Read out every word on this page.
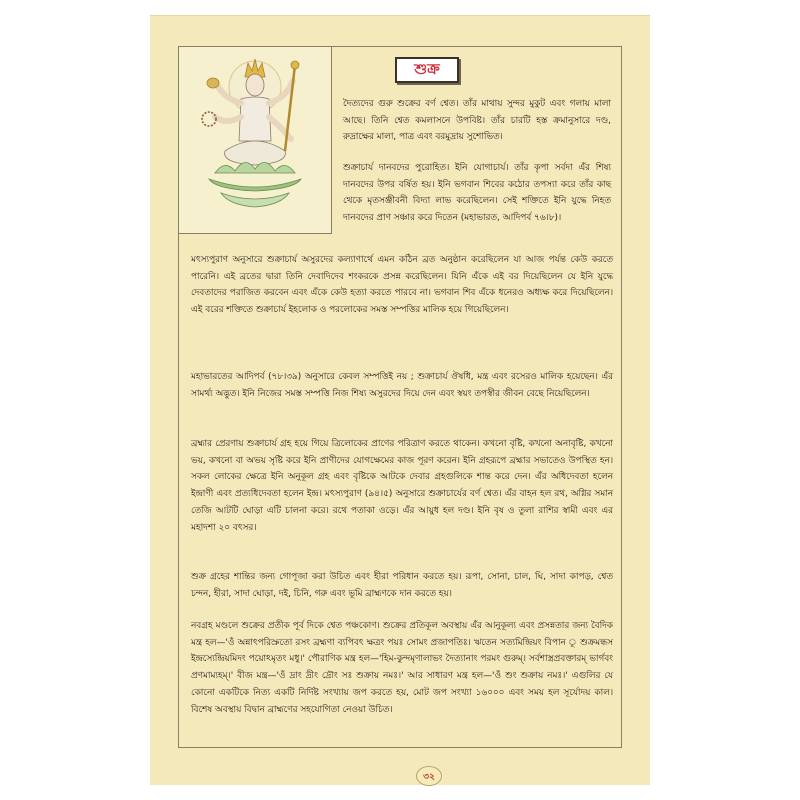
শুক্র

দৈত্যদের গুরু শুক্রের বর্ণ শ্বেত। তাঁর মাথায় সুন্দর মুকুট এবং গলায় মালা আছে। তিনি শ্বেত কমলাসনে উপবিষ্ট। তাঁর চারটি হস্ত ক্রমানুসারে দণ্ড, রুদ্রাক্ষের মালা, পাত্র এবং বরমুদ্রায় সুশোভিত।

শুক্রাচার্য দানবদের পুরোহিত। ইনি যোগাচার্য। তাঁর কৃপা সর্বদা এঁর শিষ্য দানবদের উপর বর্ষিত হয়। ইনি ভগবান শিবের কঠোর তপস্যা করে তাঁর কাছ থেকে মৃতসঞ্জীবনী বিদ্যা লাভ করেছিলেন। সেই শক্তিতে ইনি যুদ্ধে নিহত দানবদের প্রাণ সঞ্চার করে দিতেন (মহাভারত, আদিপর্ব ৭৬।৮)।

মৎস্যপুরাণ অনুসারে শুক্রাচার্য অসুরদের কল্যাণার্থে এমন কঠিন ব্রত অনুষ্ঠান করেছিলেন যা আজ পর্যন্ত কেউ করতে পারেনি। এই ব্রতের দ্বারা তিনি দেবাদিদেব শংকরকে প্রসন্ন করেছিলেন। যিনি এঁকে এই বর দিয়েছিলেন যে ইনি যুদ্ধে দেবতাদের পরাজিত করবেন এবং এঁকে কেউ হত্যা করতে পারবে না। ভগবান শিব এঁকে ধনেরও অধ্যক্ষ করে দিয়েছিলেন। এই বরের শক্তিতে শুক্রাচার্য ইহলোক ও পরলোকের সমস্ত সম্পত্তির মালিক হয়ে গিয়েছিলেন।

মহাভারতের আদিপর্ব (৭৮।৩৯) অনুসারে কেবল সম্পত্তিই নয় ; শুক্রাচার্য ঔষধি, মন্ত্র এবং রসেরও মালিক হয়েছেন। এঁর সামর্থ্য অদ্ভুত। ইনি নিজের সমস্ত সম্পত্তি নিজ শিষ্য অসুরদের দিয়ে দেন এবং স্বয়ং তপস্বীর জীবন বেছে নিয়েছিলেন।

ব্রহ্মার প্রেরণায় শুক্রাচার্য গ্রহ হয়ে গিয়ে ত্রিলোকের প্রাণের পরিত্রাণ করতে থাকেন। কখনো বৃষ্টি, কখনো অনাবৃষ্টি, কখনো ভয়, কখনো বা অভয় সৃষ্টি করে ইনি প্রাণীদের যোগক্ষেমের কাজ পূরণ করেন। ইনি গ্রহরূপে ব্রহ্মার সভাতেও উপস্থিত হন। সকল লোকের ক্ষেত্রে ইনি অনুকূল গ্রহ এবং বৃষ্টিকে আটকে দেবার গ্রহগুলিকে শান্ত করে দেন। এঁর অধিদেবতা হলেন ইন্দ্রাণী এবং প্রত্যধিদেবতা হলেন ইন্দ্র। মৎস্যপুরাণ (৯৪।৫) অনুসারে শুক্রাচার্যের বর্ণ শ্বেত। এঁর বাহন হল রথ, অগ্নির সমান তেজি আটটি ঘোড়া এটি চালনা করে। রথে পতাকা ওড়ে। এঁর আয়ুধ হল দণ্ড। ইনি বৃষ ও তুলা রাশির স্বামী এবং এর মহাদশা ২০ বৎসর।

শুক্র গ্রহের শান্তির জন্য গোপূজা করা উচিত এবং হীরা পরিধান করতে হয়। রূপা, সোনা, চাল, ঘি, সাদা কাপড়, শ্বেত চন্দন, হীরা, সাদা ঘোড়া, দই, চিনি, গরু এবং ভূমি ব্রাহ্মণকে দান করতে হয়।

নবগ্রহ মণ্ডলে শুক্রের প্রতীক পূর্ব দিকে শ্বেত পঞ্চকোণ। শুক্রের প্রতিকূল অবস্থায় এঁর আনুকূল্য এবং প্রসন্নতার জন্য বৈদিক মন্ত্র হল—'ওঁ অন্নাৎপরিস্রুতো রসং ব্রহ্মণা ব্যপিবৎ ক্ষত্রং পয়ঃ সোমং প্রজাপতিঃ। ঋতেন সত্যমিন্দ্রিয়ং বিপান ূ শুক্রমন্ধস ইন্দ্রস্যেন্দ্রিয়মিদং পয়োঽমৃতং মধু।' পৌরাণিক মন্ত্র হল—'হিম-কুন্দমৃণালাভং দৈত্যানাং পরমং গুরুম্। সর্বশাস্ত্রপ্রবক্তারম্ ভার্গবং প্রণমাম্যহম্।' বীজ মন্ত্র—'ওঁ দ্রাং দ্রীং দ্রৌং সঃ শুক্রায় নমঃ।' আর সাধারণ মন্ত্র হল—'ওঁ শুং শুক্রায় নমঃ।' এগুলির যে কোনো একটিকে নিত্য একটি নির্দিষ্ট সংখ্যায় জপ করতে হয়, মোট জপ সংখ্যা ১৬০০০ এবং সময় হল সূর্যোদয় কাল। বিশেষ অবস্থায় বিদ্বান ব্রাহ্মণের সহযোগিতা নেওয়া উচিত।

৩২
